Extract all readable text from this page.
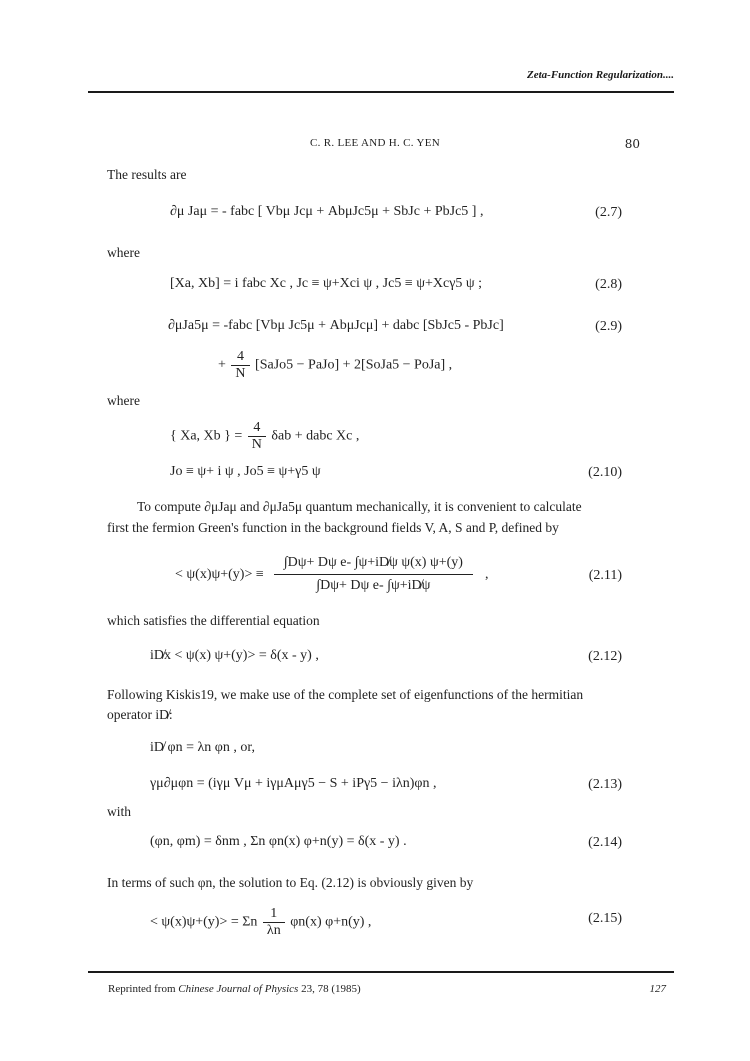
Zeta-Function Regularization....
C. R. LEE AND H. C. YEN	80
The results are
∂μ Jaμ = - fabc [ Vbμ Jcμ + AbμJc5μ + SbJc + PbJc5 ] ,	(2.7)
where
[Xa, Xb] = i fabc Xc , Jc ≡ ψ+Xci ψ , Jc5 ≡ ψ+Xcγ5 ψ ;	(2.8)
∂μJa5μ = -fabc [Vbμ Jc5μ + AbμJcμ] + dabc [SbJc5 - PbJc]	(2.9)
+ $\frac{4}{N}$ [SaJo5 − PaJo] + 2[SoJa5 − PoJa] ,
where
{ Xa, Xb } = $\frac{4}{N}$ δab + dabc Xc ,
Jo ≡ ψ+ i ψ , Jo5 ≡ ψ+γ5 ψ	(2.10)
To compute ∂μJaμ and ∂μJa5μ quantum mechanically, it is convenient to calculate
first the fermion Green's function in the background fields V, A, S and P, defined by
< $\psi(x)\psi+(y)> \equiv \frac{\text{∫Dψ+ Dψ e- ∫ψ+iD̸ψ ψ(x) ψ+(y)}}{\text{∫Dψ+ Dψ e- ∫ψ+iD̸ψ}}$ ,	(2.11)
which satisfies the differential equation
iD̸x < ψ(x) ψ+(y)> = δ(x - y) ,	(2.12)
Following Kiskis19, we make use of the complete set of eigenfunctions of the hermitian
operator iD̸:
iD̸ φn = λn φn , or,
γμ∂μφn = (iγμ Vμ + iγμAμγ5 − S + iPγ5 − iλn)φn ,	(2.13)
with
(φn, φm) = δnm , Σn φn(x) φ+n(y) = δ(x - y) .	(2.14)
In terms of such φn, the solution to Eq. (2.12) is obviously given by
< ψ(x)ψ+(y)> = Σn $\frac{1}{\lambda n} \varphi n(x)$ φ+n(y) ,	(2.15)
Reprinted from Chinese Journal of Physics 23, 78 (1985)	127
